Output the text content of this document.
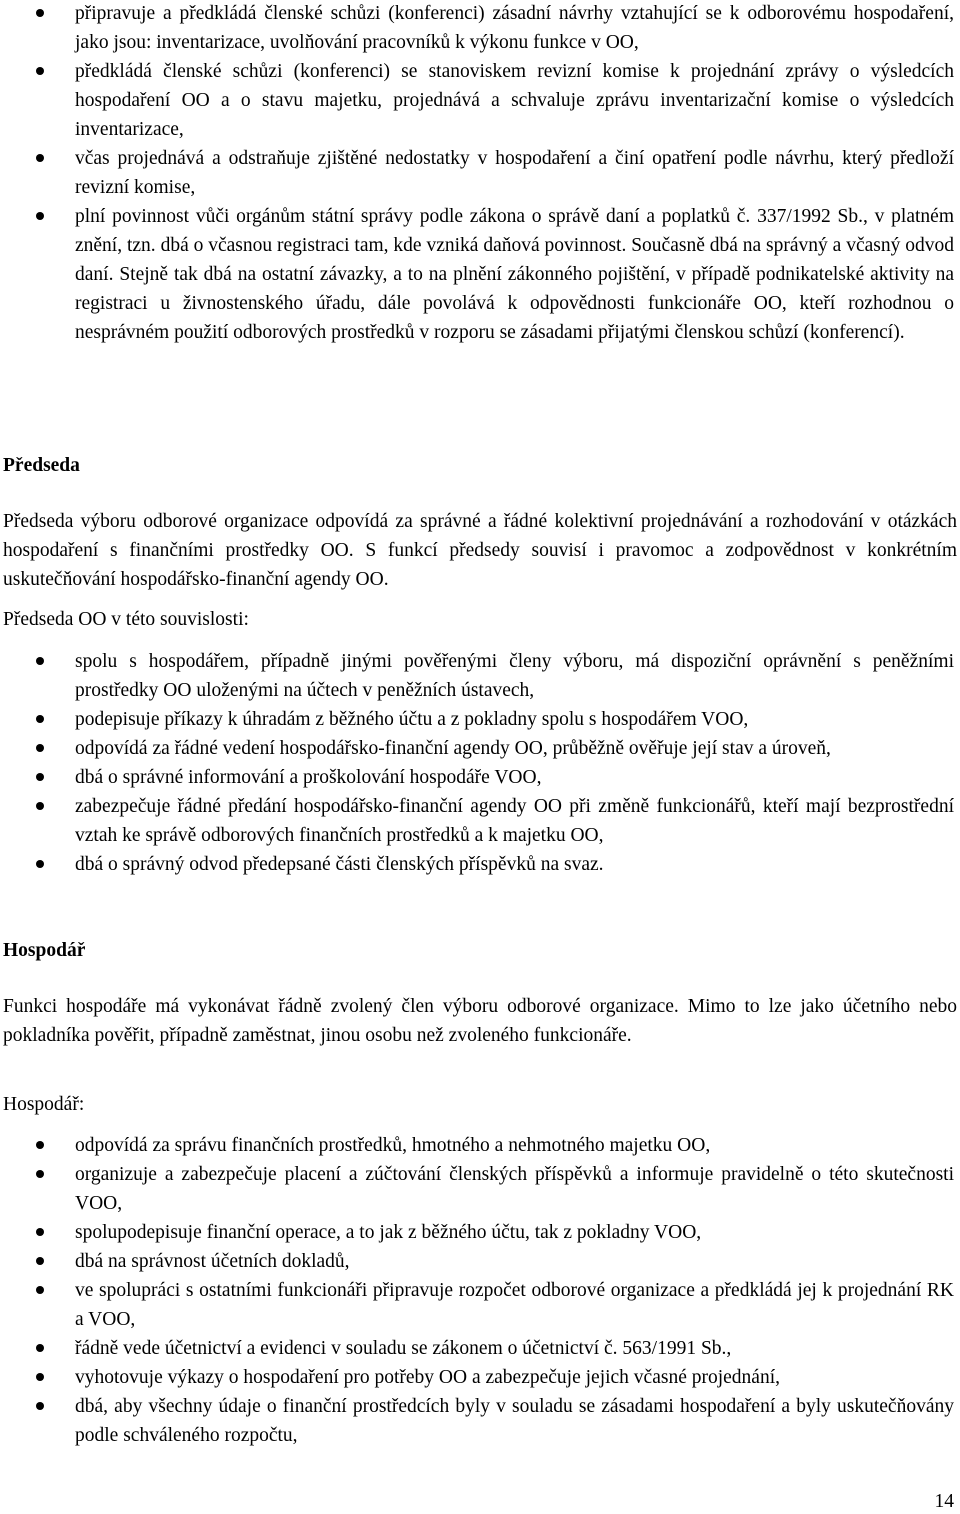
připravuje a předkládá členské schůzi (konferenci) zásadní návrhy vztahující se k odborovému hospodaření, jako jsou: inventarizace, uvolňování pracovníků k výkonu funkce v OO,
předkládá členské schůzi (konferenci) se stanoviskem revizní komise k projednání zprávy o výsledcích hospodaření OO a o stavu majetku, projednává a schvaluje zprávu inventarizační komise o výsledcích inventarizace,
včas projednává a odstraňuje zjištěné nedostatky v hospodaření a činí opatření podle návrhu, který předloží revizní komise,
plní povinnost vůči orgánům státní správy podle zákona o správě daní a poplatků č. 337/1992 Sb., v platném znění, tzn. dbá o včasnou registraci tam, kde vzniká daňová povinnost. Současně dbá na správný a včasný odvod daní. Stejně tak dbá na ostatní závazky, a to na plnění zákonného pojištění, v případě podnikatelské aktivity na registraci u živnostenského úřadu, dále povolává k odpovědnosti funkcionáře OO, kteří rozhodnou o nesprávném použití odborových prostředků v rozporu se zásadami přijatými členskou schůzí (konferencí).
Předseda

Předseda výboru odborové organizace odpovídá za správné a řádné kolektivní projednávání a rozhodování v otázkách hospodaření s finančními prostředky OO. S funkcí předsedy souvisí i pravomoc a zodpovědnost v konkrétním uskutečňování hospodářsko-finanční agendy OO.

Předseda OO v této souvislosti:

spolu s hospodářem, případně jinými pověřenými členy výboru, má dispoziční oprávnění s peněžními prostředky OO uloženými na účtech v peněžních ústavech,
podepisuje příkazy k úhradám z běžného účtu a z pokladny spolu s hospodářem VOO,
odpovídá za řádné vedení hospodářsko-finanční agendy OO, průběžně ověřuje její stav a úroveň,
dbá o správné informování a proškolování hospodáře VOO,
zabezpečuje řádné předání hospodářsko-finanční agendy OO při změně funkcionářů, kteří mají bezprostřední vztah ke správě odborových finančních prostředků a k majetku OO,
dbá o správný odvod předepsané části členských příspěvků na svaz.
Hospodář

Funkci hospodáře má vykonávat řádně zvolený člen výboru odborové organizace. Mimo to lze jako účetního nebo pokladníka pověřit, případně zaměstnat, jinou osobu než zvoleného funkcionáře.

Hospodář:

odpovídá za správu finančních prostředků, hmotného a nehmotného majetku OO,
organizuje a zabezpečuje placení a zúčtování členských příspěvků a informuje pravidelně o této skutečnosti VOO,
spolupodepisuje finanční operace, a to jak z běžného účtu, tak z pokladny VOO,
dbá na správnost účetních dokladů,
ve spolupráci s ostatními funkcionáři připravuje rozpočet odborové organizace a předkládá jej k projednání RK a VOO,
řádně vede účetnictví a evidenci v souladu se zákonem o účetnictví č. 563/1991 Sb.,
vyhotovuje výkazy o hospodaření pro potřeby OO a zabezpečuje jejich včasné projednání,
dbá, aby všechny údaje o finanční prostředcích byly v souladu se zásadami hospodaření a byly uskutečňovány podle schváleného rozpočtu,
14
